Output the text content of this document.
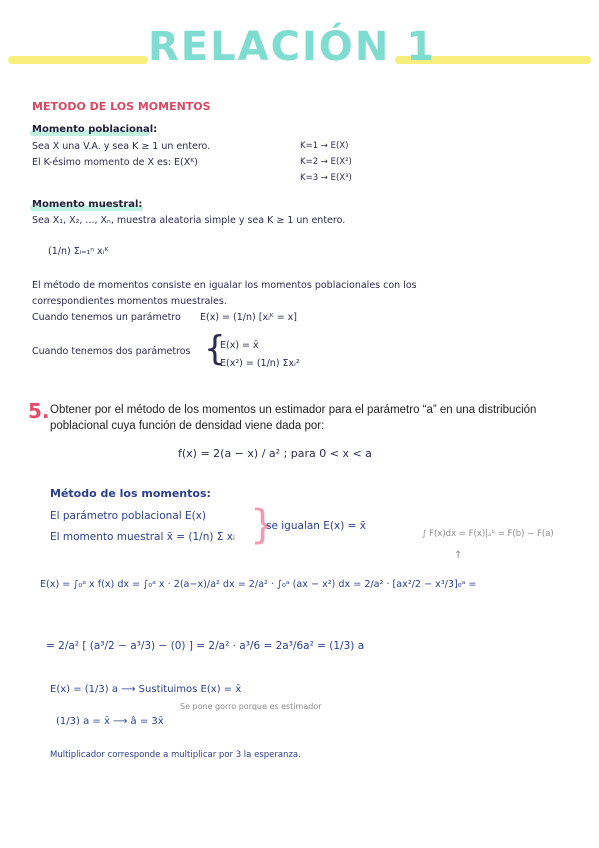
RELACIÓN 1
METODO DE LOS MOMENTOS
Momento poblacional:
Sea X una V.A. y sea K ≥ 1 un entero.
El K-ésimo momento de X es: E(Xᴷ)
K=1 → E(X)
K=2 → E(X²)
K=3 → E(X³)
Momento muestral:
Sea X₁, X₂, ..., Xₙ, muestra aleatoria simple y sea K ≥ 1 un entero.
(1/n) Σᵢ₌₁ⁿ xᵢᴷ
El método de momentos consiste en igualar los momentos poblacionales con los
correspondientes momentos muestrales.
Cuando tenemos un parámetro E(x) = (1/n) [xᵢᴷ = x]
Cuando tenemos dos parámetros {
E(x) = x̄
E(x²) = (1/n) Σxᵢ²
5. Obtener por el método de los momentos un estimador para el parámetro “a” en una distribución
poblacional cuya función de densidad viene dada por:
f(x) = 2(a − x) / a² ; para 0 < x < a
Método de los momentos:
El parámetro poblacional E(x)
El momento muestral x̄ = (1/n) Σ xᵢ }
se igualan E(x) = x̄
∫ F(x)dx = F(x)|ₐᵇ = F(b) − F(a)
↑
E(x) = ∫₀ᵃ x f(x) dx = ∫₀ᵃ x · 2(a−x)/a² dx = 2/a² · ∫₀ᵃ (ax − x²) dx = 2/a² · [ax²/2 − x³/3]₀ᵃ =
= 2/a² [ (a³/2 − a³/3) − (0) ] = 2/a² · a³/6 = 2a³/6a² = (1/3) a
E(x) = (1/3) a ⟶ Sustituimos E(x) = x̄
Se pone gorro porque es estimador
(1/3) a = x̄ ⟶ â = 3x̄
Multiplicador corresponde a multiplicar por 3 la esperanza.
